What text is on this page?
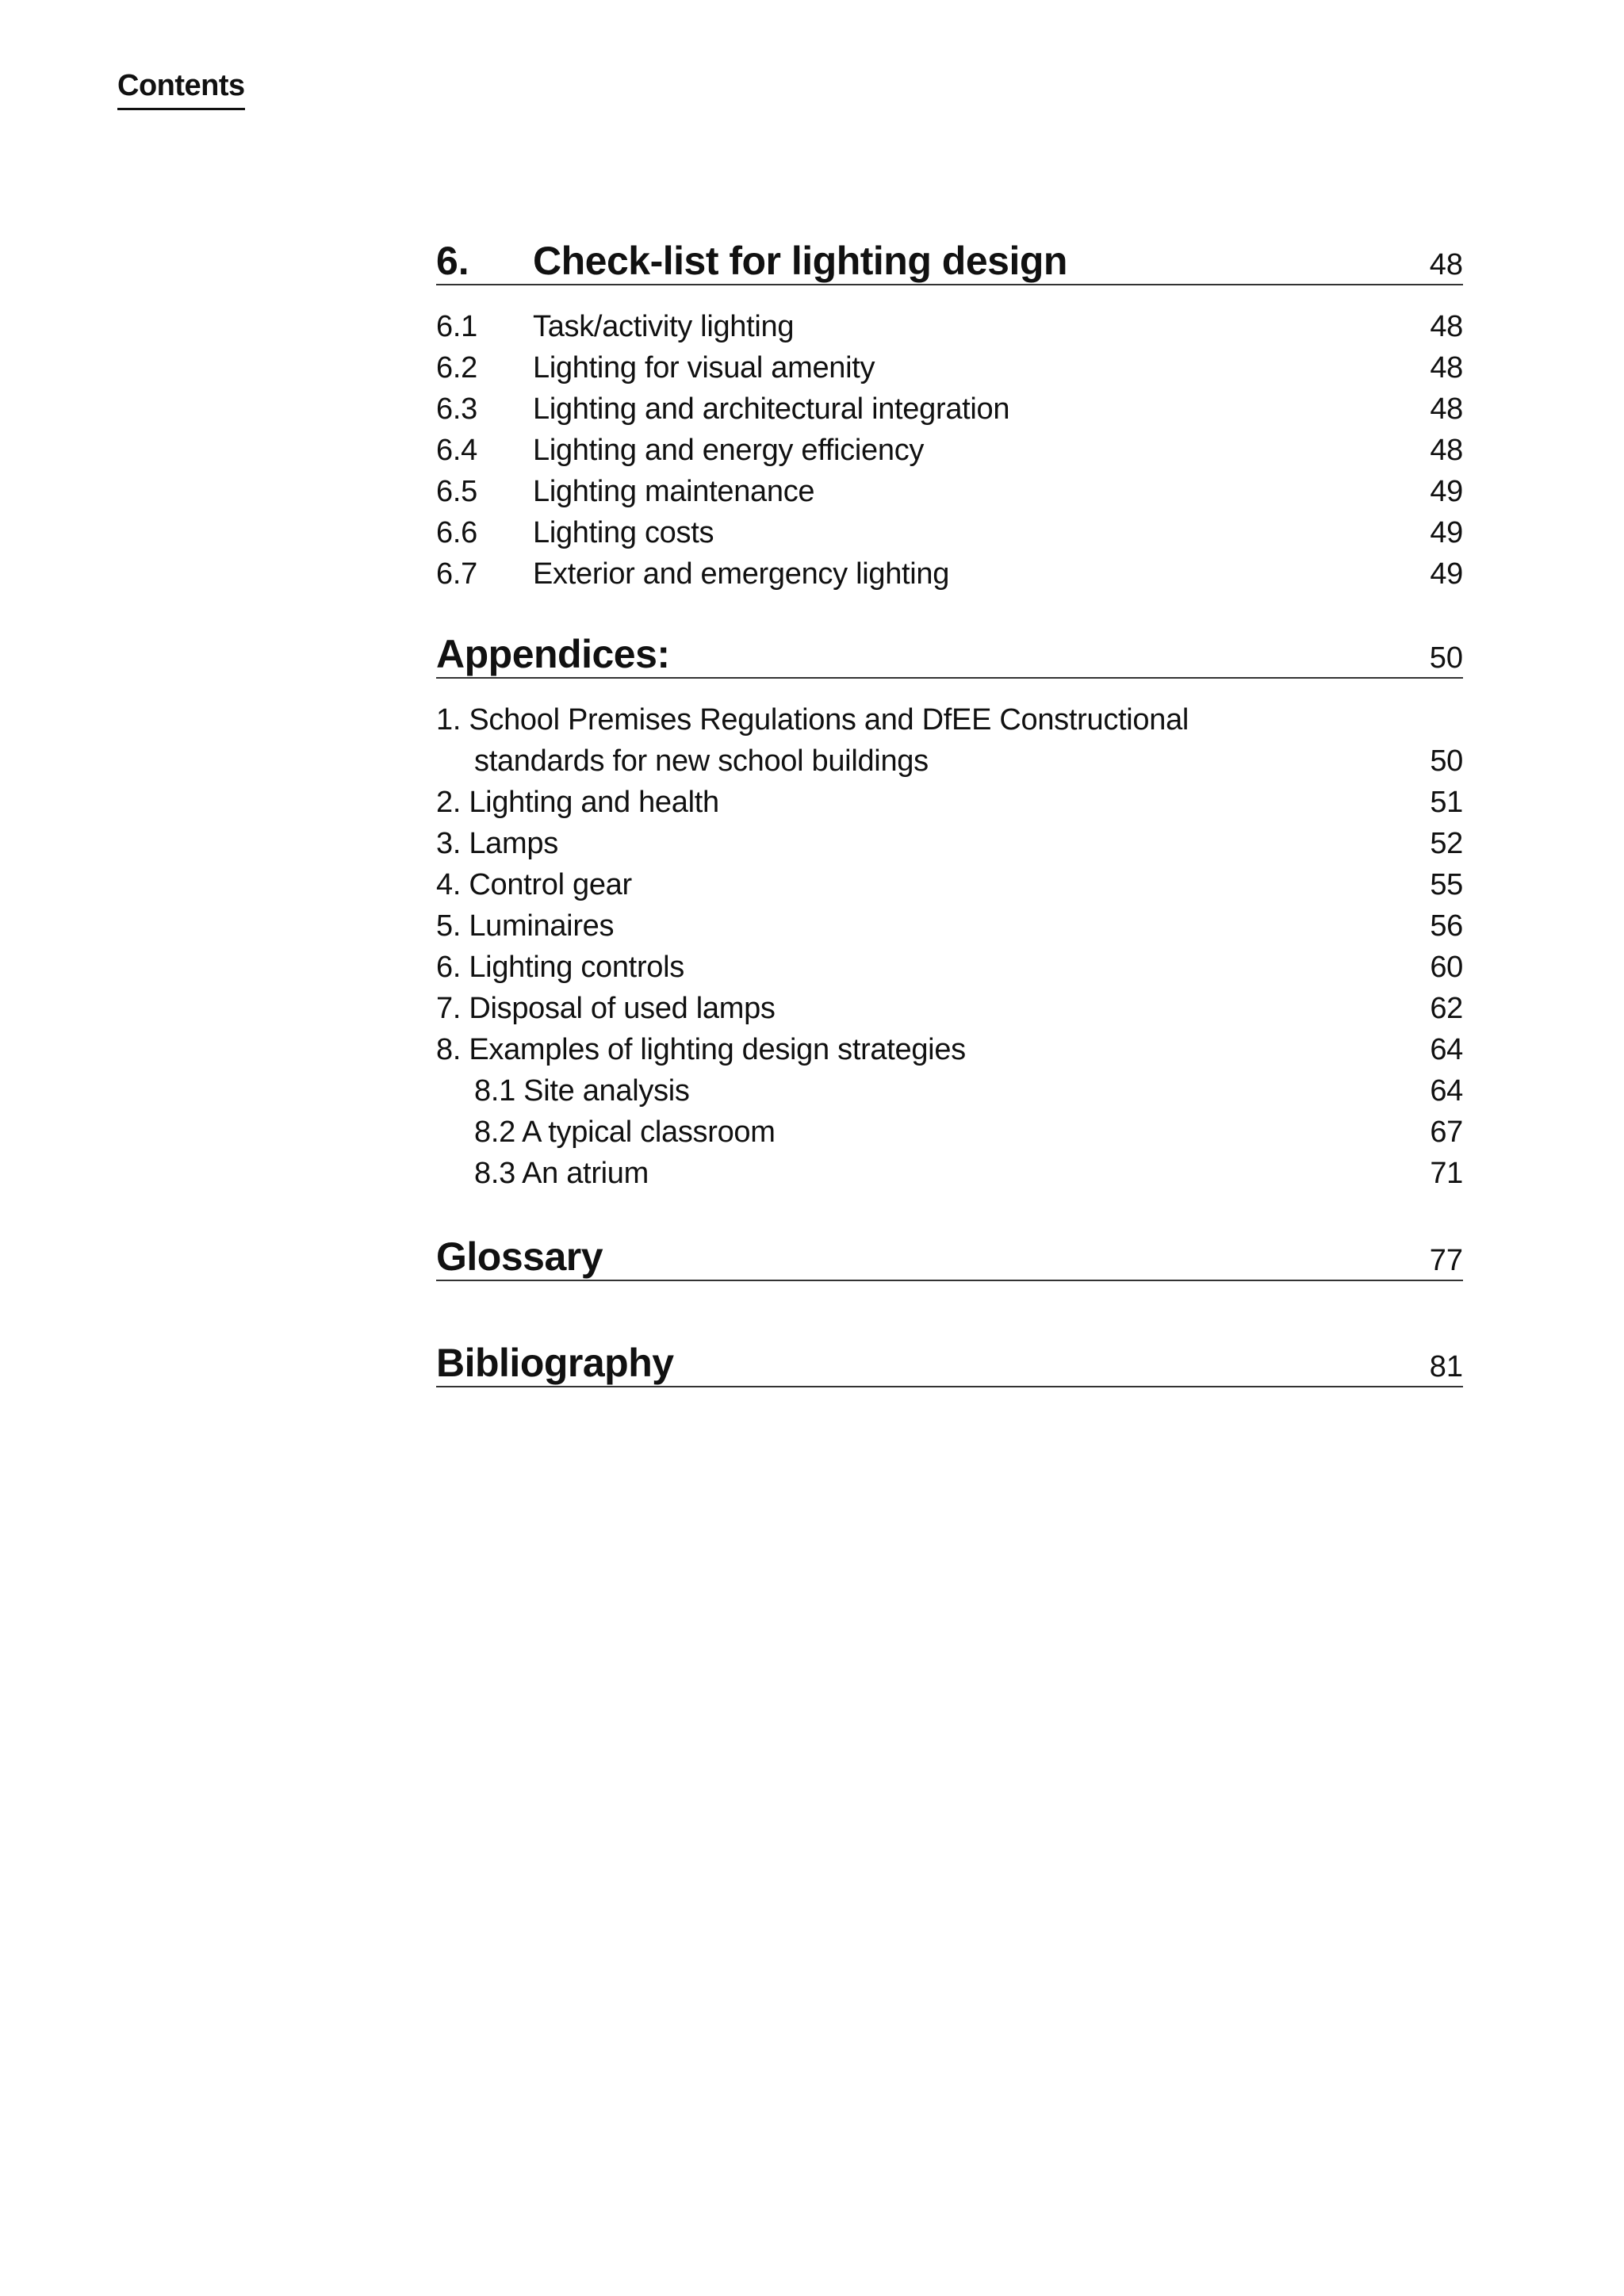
Contents
6.	Check-list for lighting design	48
6.1	Task/activity lighting	48
6.2	Lighting for visual amenity	48
6.3	Lighting and architectural integration	48
6.4	Lighting and energy efficiency	48
6.5	Lighting maintenance	49
6.6	Lighting costs	49
6.7	Exterior and emergency lighting	49
Appendices:	50
1. School Premises Regulations and DfEE Constructional
standards for new school buildings	50
2. Lighting and health	51
3. Lamps	52
4. Control gear	55
5. Luminaires	56
6. Lighting controls	60
7. Disposal of used lamps	62
8. Examples of lighting design strategies	64
8.1 Site analysis	64
8.2 A typical classroom	67
8.3 An atrium	71
Glossary	77
Bibliography	81
